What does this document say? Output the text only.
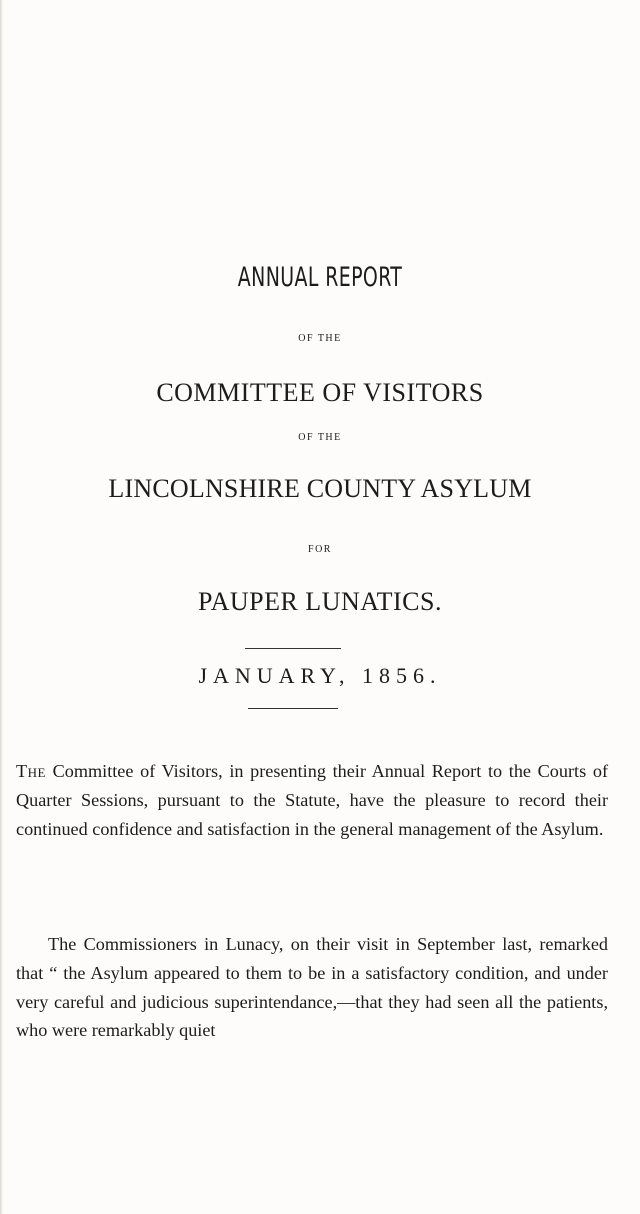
ANNUAL REPORT
OF THE
COMMITTEE OF VISITORS
OF THE
LINCOLNSHIRE COUNTY ASYLUM
FOR
PAUPER LUNATICS.
JANUARY, 1856.

The Committee of Visitors, in presenting their Annual Report to the Courts of Quarter Sessions, pursuant to the Statute, have the pleasure to record their continued confidence and satisfaction in the general management of the Asylum.

The Commissioners in Lunacy, on their visit in September last, remarked that “ the Asylum appeared to them to be in a satisfactory condition, and under very careful and judicious superintendance,—that they had seen all the patients, who were remarkably quiet
